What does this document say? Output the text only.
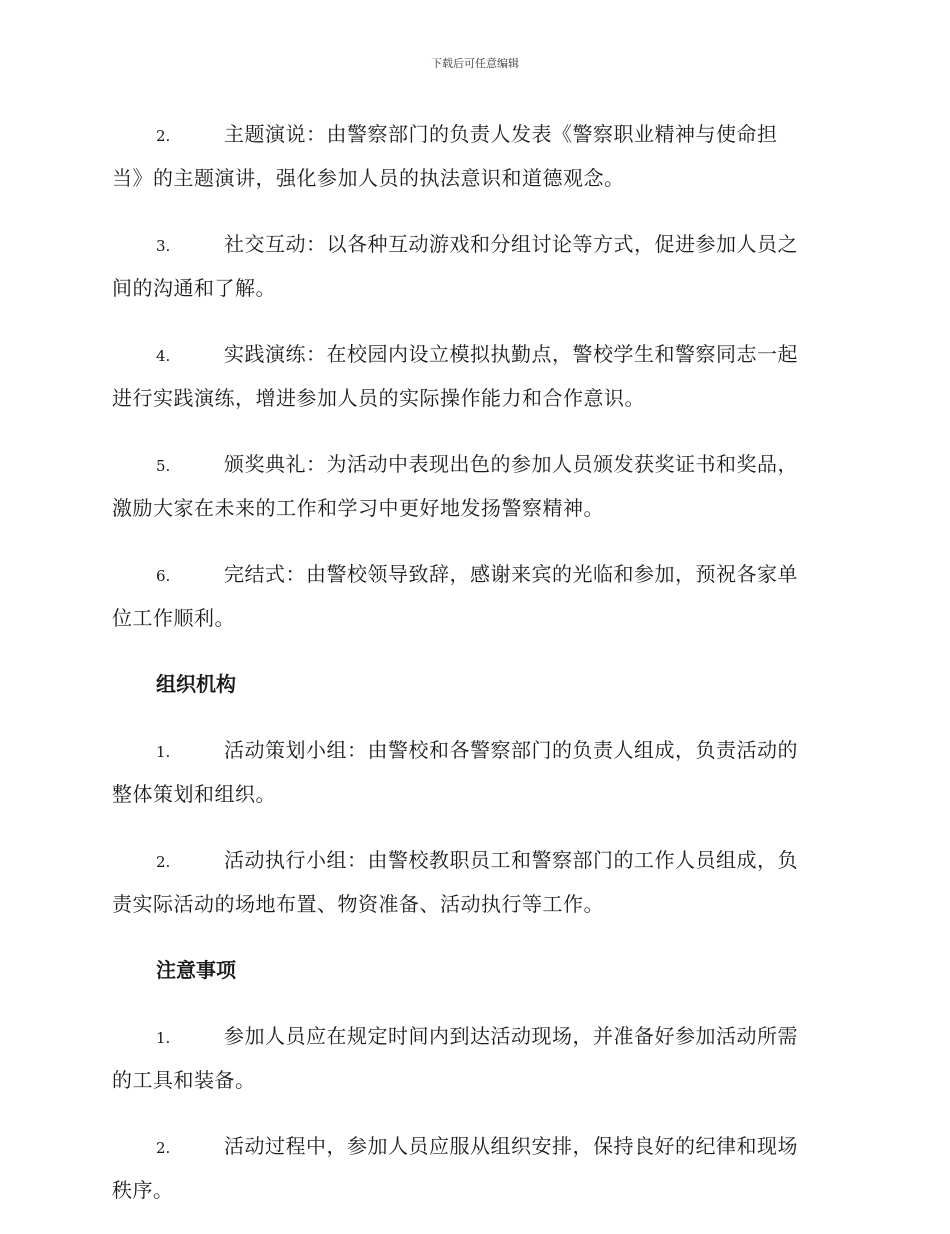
下载后可任意编辑
2.	主题演说：由警察部门的负责人发表《警察职业精神与使命担
当》的主题演讲，强化参加人员的执法意识和道德观念。
3.	社交互动：以各种互动游戏和分组讨论等方式，促进参加人员之
间的沟通和了解。
4.	实践演练：在校园内设立模拟执勤点，警校学生和警察同志一起
进行实践演练，增进参加人员的实际操作能力和合作意识。
5.	颁奖典礼：为活动中表现出色的参加人员颁发获奖证书和奖品，
激励大家在未来的工作和学习中更好地发扬警察精神。
6.	完结式：由警校领导致辞，感谢来宾的光临和参加，预祝各家单
位工作顺利。
组织机构
1.	活动策划小组：由警校和各警察部门的负责人组成，负责活动的
整体策划和组织。
2.	活动执行小组：由警校教职员工和警察部门的工作人员组成，负
责实际活动的场地布置、物资准备、活动执行等工作。
注意事项
1.	参加人员应在规定时间内到达活动现场，并准备好参加活动所需
的工具和装备。
2.	活动过程中，参加人员应服从组织安排，保持良好的纪律和现场
秩序。
